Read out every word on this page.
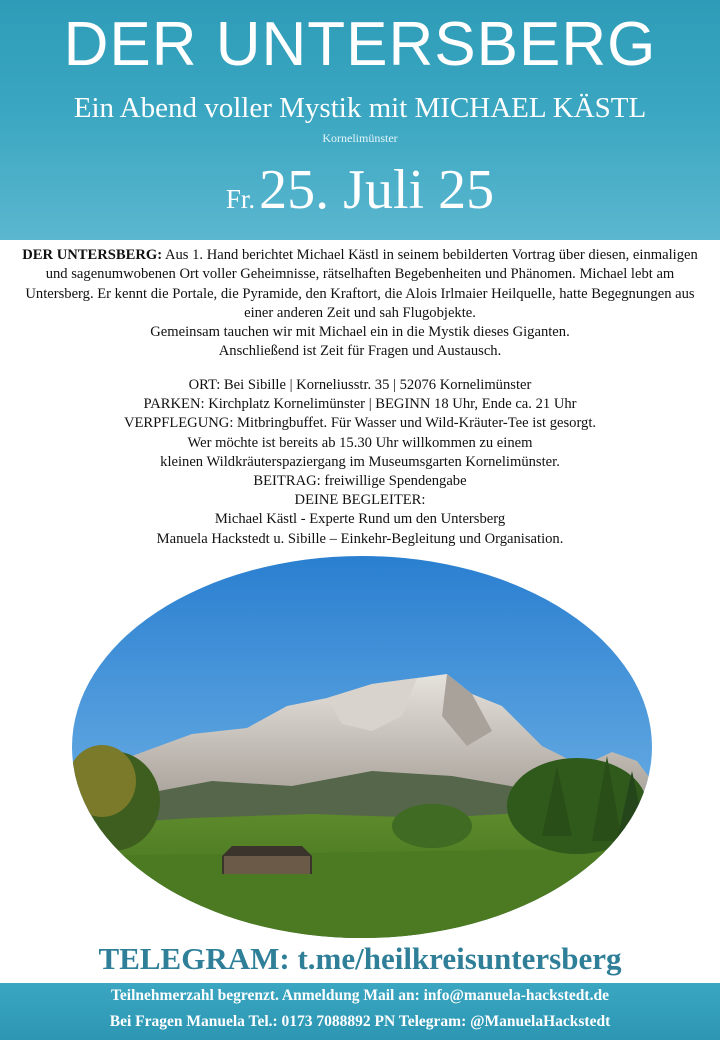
DER UNTERSBERG
Ein Abend voller Mystik mit MICHAEL KÄSTL
Kornelimünster
Fr. 25. Juli 25

DER UNTERSBERG: Aus 1. Hand berichtet Michael Kästl in seinem bebilderten Vortrag über diesen, einmaligen und sagenumwobenen Ort voller Geheimnisse, rätselhaften Begebenheiten und Phänomen. Michael lebt am Untersberg. Er kennt die Portale, die Pyramide, den Kraftort, die Alois Irlmaier Heilquelle, hatte Begegnungen aus einer anderen Zeit und sah Flugobjekte.

Gemeinsam tauchen wir mit Michael ein in die Mystik dieses Giganten.

Anschließend ist Zeit für Fragen und Austausch.

ORT: Bei Sibille | Korneliusstr. 35 | 52076 Kornelimünster
PARKEN: Kirchplatz Kornelimünster | BEGINN 18 Uhr, Ende ca. 21 Uhr
VERPFLEGUNG: Mitbringbuffet. Für Wasser und Wild-Kräuter-Tee ist gesorgt.
Wer möchte ist bereits ab 15.30 Uhr willkommen zu einem
kleinen Wildkräuterspaziergang im Museumsgarten Kornelimünster.
BEITRAG: freiwillige Spendengabe
DEINE BEGLEITER:
Michael Kästl - Experte Rund um den Untersberg
Manuela Hackstedt u. Sibille – Einkehr-Begleitung und Organisation.
TELEGRAM: t.me/heilkreisuntersberg
Teilnehmerzahl begrenzt. Anmeldung Mail an: info@manuela-hackstedt.de
Bei Fragen Manuela Tel.: 0173 7088892 PN Telegram: @ManuelaHackstedt
